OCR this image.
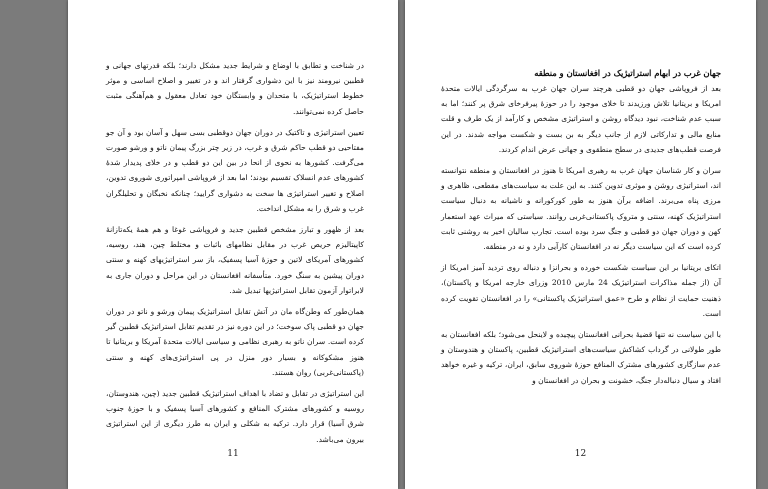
در شناخت و تطابق با اوضاع و شرایط جدید مشکل دارند؛ بلکه قدرتهای جهانی و قطبین نیرومند نیز با این دشواری گرفتار اند و در تغییر و اصلاح اساسی و موثر خطوط استراتیژیک، با متحدان و وابستگان خود تعادل معقول و هم‌آهنگی مثبت حاصل کرده نمی‌توانند.

تعیین استراتیژی و تاکتیک در دوران جهان دوقطبی بسی سهل و آسان بود و آن جو مفتاحیی دو قطب حاکم شرق و غرب، در زیر چتر بزرگ پیمان ناتو و ورشو صورت می‌گرفت. کشورها به نحوی از انحا در بین این دو قطب و در خلای پدیدار شدهٔ کشورهای عدم انسلاک تقسیم بودند؛ اما بعد از فروپاشی امپراتوری شوروی تدوین، اصلاح و تغییر استراتیژی ها سخت به دشواری گرایید؛ چنانکه نخبگان و تحلیلگران غرب و شرق را به مشکل انداخت.

بعد از ظهور و تبارز مشخص قطبین جدید و فروپاشی غوغا و هم همهٔ یکه‌تازانهٔ کاپیتالیزم حریص غرب در مقابل نظامهای باثبات و مختلط چین، هند، روسیه، کشورهای آمریکای لاتین و حوزهٔ آسیا پسفیک، باز سر استراتیژیهای کهنه و سنتی دوران پیشین به سنگ خورد. متأسفانه افغانستان در این مراحل و دوران جاری به لابراتوار آزمون تقابل استراتیژیها تبدیل شد.

همان‌طور که وطن‌گاه مان در آتش تقابل استراتیژیک پیمان ورشو و ناتو در دوران جهان دو قطبی پاک سوخت؛ در این دوره نیز در تقدیم تقابل استراتیژیک قطبین گیر کرده است. سران ناتو به رهبری نظامی و سیاسی ایالات متحدهٔ آمریکا و بریتانیا تا هنوز مشکوکانه و بسیار دور منزل در پی استراتیژی‌های کهنه و سنتی (پاکستانی‌غربی) روان هستند.

این استراتیژی در تقابل و تضاد با اهداف استراتیژیک قطبین جدید (چین، هندوستان، روسیه و کشورهای مشترک المنافع و کشورهای آسیا پسفیک و با حوزهٔ جنوب شرق آسیا) قرار دارد. ترکیه به شکلی و ایران به طرز دیگری از این استراتیژی بیرون می‌باشد.

11
جهان غرب در ابهام استراتیژیک در افغانستان و منطقه

بعد از فروپاشی جهان دو قطبی هرچند سران جهان غرب به سرگردگی ایالات متحدهٔ امریکا و بریتانیا تلاش ورزیدند تا خلای موجود را در حوزهٔ پیرفرخای شرق پر کنند؛ اما به سبب عدم شناخت، نبود دیدگاه روشن و استراتیژی مشخص و کارآمد از یک طرف و قلت منابع مالی و تدارکاتی لازم از جانب دیگر به بن بست و شکست مواجه شدند. در این فرصت قطب‌های جدیدی در سطح منطقوی و جهانی عرض اندام کردند.

سران و کار شناسان جهان غرب به رهبری امریکا تا هنوز در افغانستان و منطقه نتوانسته اند، استراتیژی روشن و موثری تدوین کنند. به این علت به سیاست‌های مقطعی، ظاهری و مرزی پناه می‌برند. اضافه برآن هنوز به طور کورکورانه و ناشیانه به دنبال سیاست استراتیژیک کهنه، سنتی و متروک پاکستانی‌غربی روانند. سیاستی که میراث عهد استعمار کهن و دوران جهان دو قطبی و جنگ سرد بوده است. تجارب سالیان اخیر به روشنی ثابت کرده است که این سیاست دیگر نه در افغانستان کارآیی دارد و نه در منطقه.

اتکای بریتانیا بر این سیاست شکست خورده و بحرانزا و دنباله روی تردید آمیز امریکا از آن (از جمله مذاکرات استراتیژیک 24 مارس 2010 وزرای خارجه امریکا و پاکستان)، ذهنیت حمایت از نظام و طرح «عمق استراتیژیک پاکستانی» را در افغانستان تقویت کرده است.

با این سیاست نه تنها قضیهٔ بحرانی افغانستان پیچیده و لاینحل می‌شود؛ بلکه افغانستان به طور طولانی در گرداب کشاکش سیاست‌های استراتیژیک قطبین، پاکستان و هندوستان و عدم سازگاری کشورهای مشترک المنافع حوزهٔ شوروی سابق، ایران، ترکیه و غیره خواهد افتاد و سیال دنباله‌دار جنگ، خشونت و بحران در افغانستان و

12
